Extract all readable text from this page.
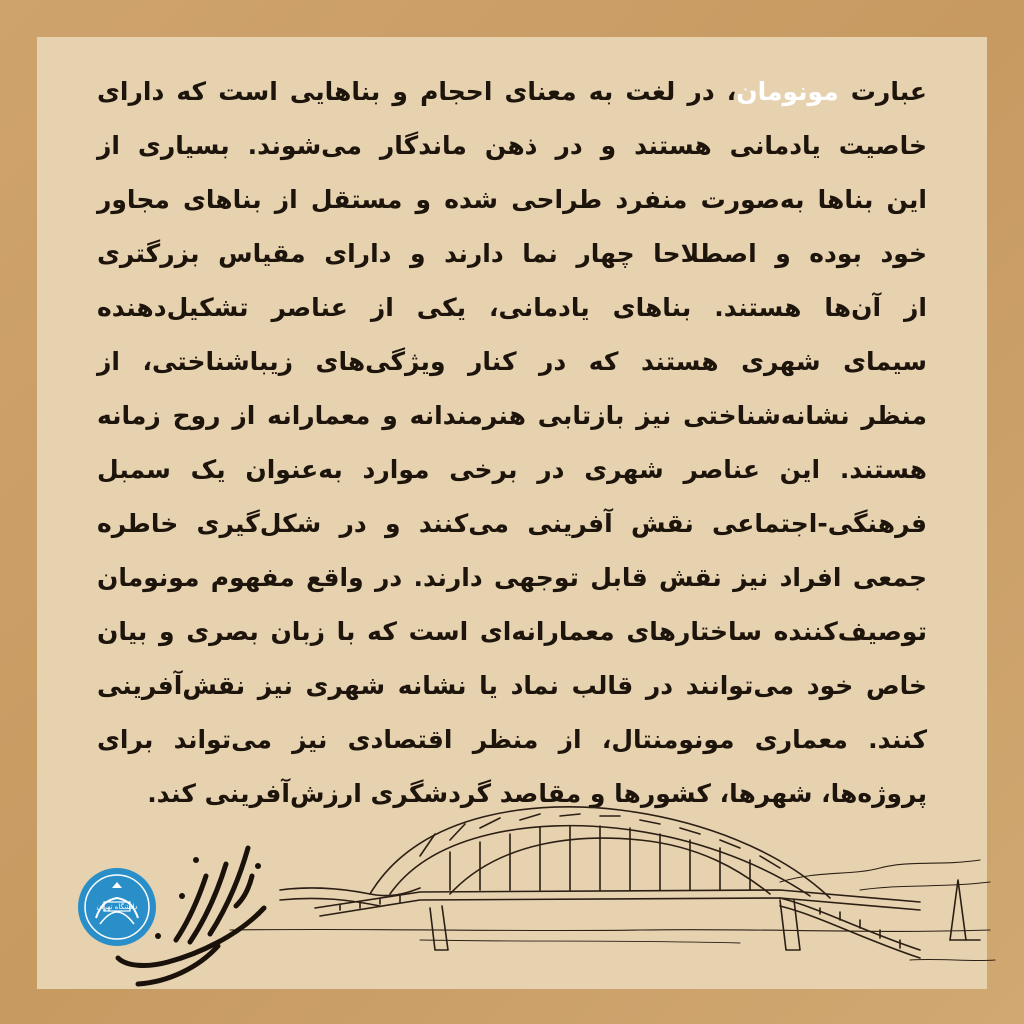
عبارت مونومان، در لغت به معنای احجام و بناهایی است که دارای
خاصیت یادمانی هستند و در ذهن ماندگار می‌شوند. بسیاری از
این بناها به‌صورت منفرد طراحی شده و مستقل از بناهای مجاور
خود بوده و اصطلاحا چهار نما دارند و دارای مقیاس بزرگتری
از آن‌ها هستند. بناهای یادمانی، یکی از عناصر تشکیل‌دهنده
سیمای شهری هستند که در کنار ویژگی‌های زیباشناختی، از
منظر نشانه‌شناختی نیز بازتابی هنرمندانه و معمارانه از روح زمانه
هستند. این عناصر شهری در برخی موارد به‌عنوان یک سمبل
فرهنگی-اجتماعی نقش آفرینی می‌کنند و در شکل‌گیری خاطره
جمعی افراد نیز نقش قابل توجهی دارند. در واقع مفهوم مونومان
توصیف‌کننده ساختارهای معمارانه‌ای است که با زبان بصری و بیان
خاص خود می‌توانند در قالب نماد یا نشانه شهری نیز نقش‌آفرینی
کنند. معماری مونومنتال، از منظر اقتصادی نیز می‌تواند برای
پروژه‌ها، شهرها، کشورها و مقاصد گردشگری ارزش‌آفرینی کند.
دانشگاه تهران
